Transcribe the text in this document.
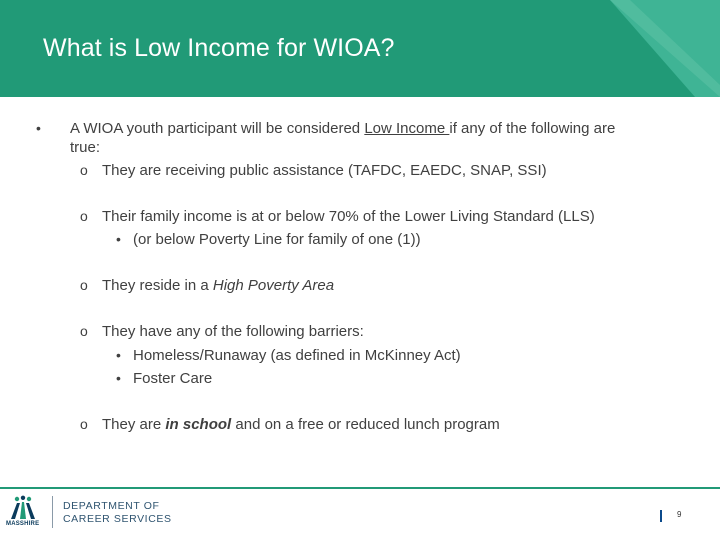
What is Low Income for WIOA?
• A WIOA youth participant will be considered Low Income if any of the following are
true:
o They are receiving public assistance (TAFDC, EAEDC, SNAP, SSI)
o Their family income is at or below 70% of the Lower Living Standard (LLS)
• (or below Poverty Line for family of one (1))
o They reside in a High Poverty Area
o They have any of the following barriers:
• Homeless/Runaway (as defined in McKinney Act)
• Foster Care
o They are in school and on a free or reduced lunch program
MASSHIRE
DEPARTMENT OF
CAREER SERVICES	9
